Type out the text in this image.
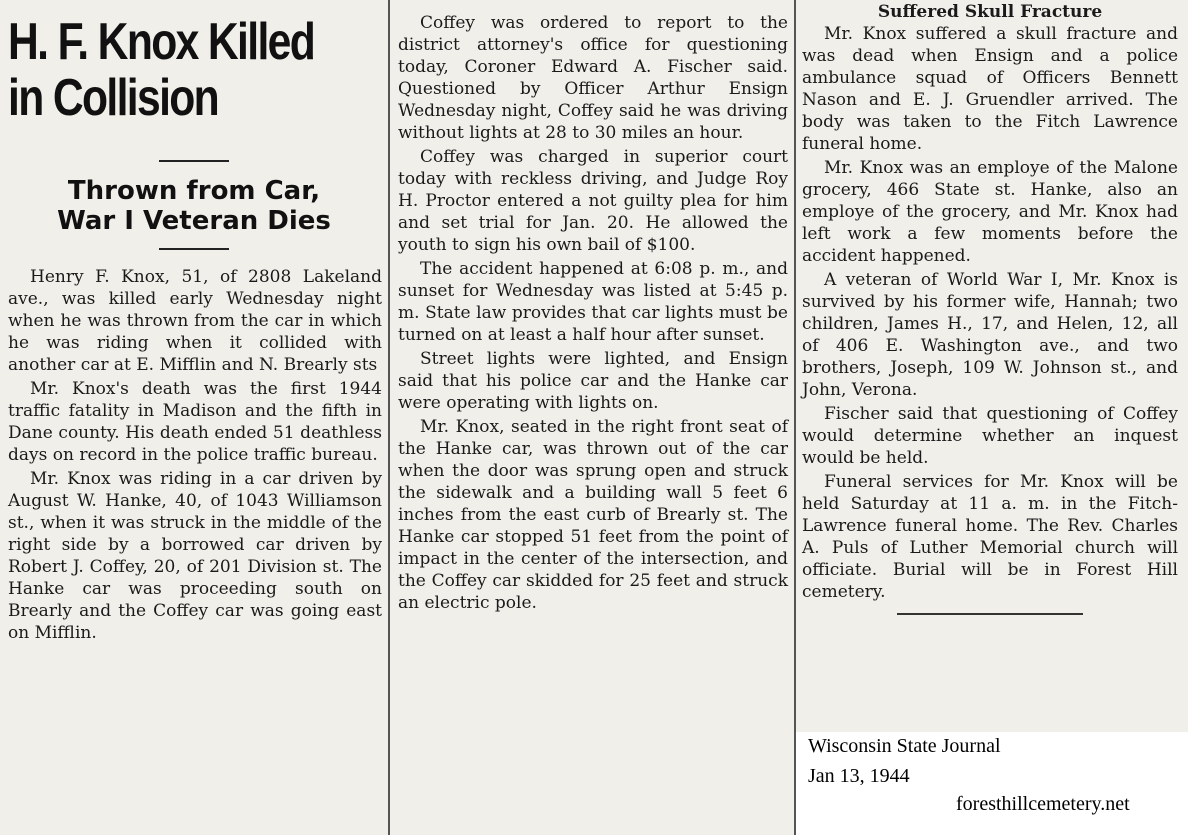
H. F. Knox Killed
in Collision
Thrown from Car,
War I Veteran Dies

Henry F. Knox, 51, of 2808 Lakeland ave., was killed early Wednesday night when he was thrown from the car in which he was riding when it collided with another car at E. Mifflin and N. Brearly sts

Mr. Knox's death was the first 1944 traffic fatality in Madison and the fifth in Dane county. His death ended 51 deathless days on record in the police traffic bureau.

Mr. Knox was riding in a car driven by August W. Hanke, 40, of 1043 Williamson st., when it was struck in the middle of the right side by a borrowed car driven by Robert J. Coffey, 20, of 201 Division st. The Hanke car was proceeding south on Brearly and the Coffey car was going east on Mifflin.

Coffey was ordered to report to the district attorney's office for questioning today, Coroner Edward A. Fischer said. Questioned by Officer Arthur Ensign Wednesday night, Coffey said he was driving without lights at 28 to 30 miles an hour.

Coffey was charged in superior court today with reckless driving, and Judge Roy H. Proctor entered a not guilty plea for him and set trial for Jan. 20. He allowed the youth to sign his own bail of $100.

The accident happened at 6:08 p. m., and sunset for Wednesday was listed at 5:45 p. m. State law provides that car lights must be turned on at least a half hour after sunset.

Street lights were lighted, and Ensign said that his police car and the Hanke car were operating with lights on.

Mr. Knox, seated in the right front seat of the Hanke car, was thrown out of the car when the door was sprung open and struck the sidewalk and a building wall 5 feet 6 inches from the east curb of Brearly st. The Hanke car stopped 51 feet from the point of impact in the center of the intersection, and the Coffey car skidded for 25 feet and struck an electric pole.

Suffered Skull Fracture

Mr. Knox suffered a skull fracture and was dead when Ensign and a police ambulance squad of Officers Bennett Nason and E. J. Gruendler arrived. The body was taken to the Fitch Lawrence funeral home.

Mr. Knox was an employe of the Malone grocery, 466 State st. Hanke, also an employe of the grocery, and Mr. Knox had left work a few moments before the accident happened.

A veteran of World War I, Mr. Knox is survived by his former wife, Hannah; two children, James H., 17, and Helen, 12, all of 406 E. Washington ave., and two brothers, Joseph, 109 W. Johnson st., and John, Verona.

Fischer said that questioning of Coffey would determine whether an inquest would be held.

Funeral services for Mr. Knox will be held Saturday at 11 a. m. in the Fitch-Lawrence funeral home. The Rev. Charles A. Puls of Luther Memorial church will officiate. Burial will be in Forest Hill cemetery.

Wisconsin State Journal
Jan 13, 1944
foresthillcemetery.net
